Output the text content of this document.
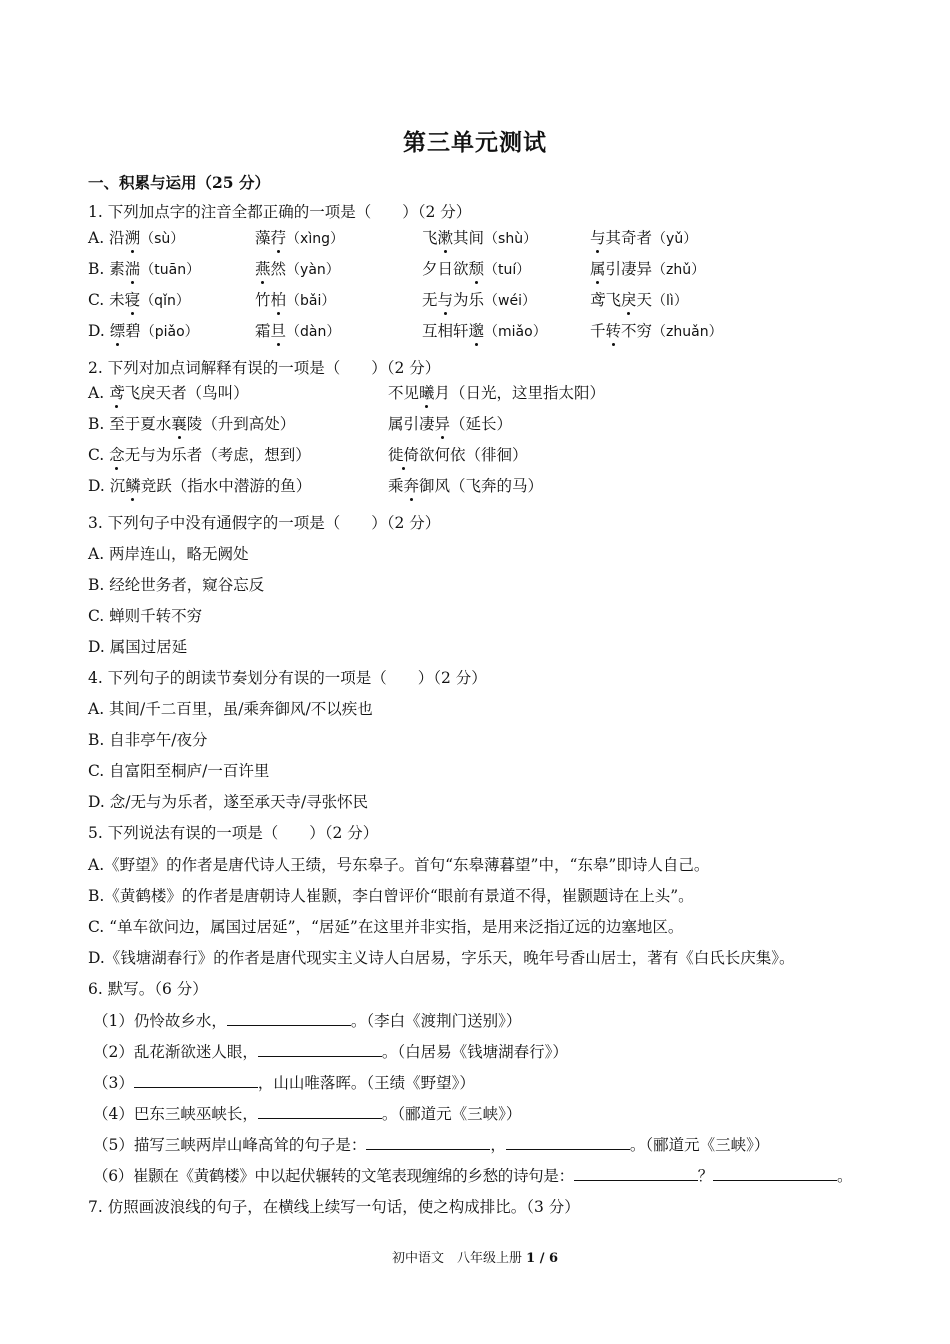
第三单元测试
一、积累与运用（25 分）
1. 下列加点字的注音全都正确的一项是（　　）（2 分）
A. 沿溯（sù）	藻荇（xìng）	飞漱其间（shù）	与其奇者（yǔ）
B. 素湍（tuān）	燕然（yàn）	夕日欲颓（tuí）	属引凄异（zhǔ）
C. 未寝（qǐn）	竹柏（bǎi）	无与为乐（wéi）	鸢飞戾天（lì）
D. 缥碧（piǎo）	霜旦（dàn）	互相轩邈（miǎo）	千转不穷（zhuǎn）
2. 下列对加点词解释有误的一项是（　　）（2 分）
A. 鸢飞戾天者（鸟叫）	不见曦月（日光，这里指太阳）
B. 至于夏水襄陵（升到高处）	属引凄异（延长）
C. 念无与为乐者（考虑，想到）	徙倚欲何依（徘徊）
D. 沉鳞竞跃（指水中潜游的鱼）	乘奔御风（飞奔的马）
3. 下列句子中没有通假字的一项是（　　）（2 分）
A. 两岸连山，略无阙处
B. 经纶世务者，窥谷忘反
C. 蝉则千转不穷
D. 属国过居延
4. 下列句子的朗读节奏划分有误的一项是（　　）（2 分）
A. 其间/千二百里，虽/乘奔御风/不以疾也
B. 自非亭午/夜分
C. 自富阳至桐庐/一百许里
D. 念/无与为乐者，遂至承天寺/寻张怀民
5. 下列说法有误的一项是（　　）（2 分）
A.《野望》的作者是唐代诗人王绩，号东皋子。首句“东皋薄暮望”中，“东皋”即诗人自己。
B.《黄鹤楼》的作者是唐朝诗人崔颢，李白曾评价“眼前有景道不得，崔颢题诗在上头”。
C. “单车欲问边，属国过居延”，“居延”在这里并非实指，是用来泛指辽远的边塞地区。
D.《钱塘湖春行》的作者是唐代现实主义诗人白居易，字乐天，晚年号香山居士，著有《白氏长庆集》。
6. 默写。（6 分）
（1）仍怜故乡水，	。（李白《渡荆门送别》）
（2）乱花渐欲迷人眼，	。（白居易《钱塘湖春行》）
（3）	，山山唯落晖。（王绩《野望》）
（4）巴东三峡巫峡长，	。（郦道元《三峡》）
（5）描写三峡两岸山峰高耸的句子是：	，	。（郦道元《三峡》）
（6）崔颢在《黄鹤楼》中以起伏辗转的文笔表现缠绵的乡愁的诗句是：	？	。
7. 仿照画波浪线的句子，在横线上续写一句话，使之构成排比。（3 分）
初中语文　八年级上册 1 / 6
